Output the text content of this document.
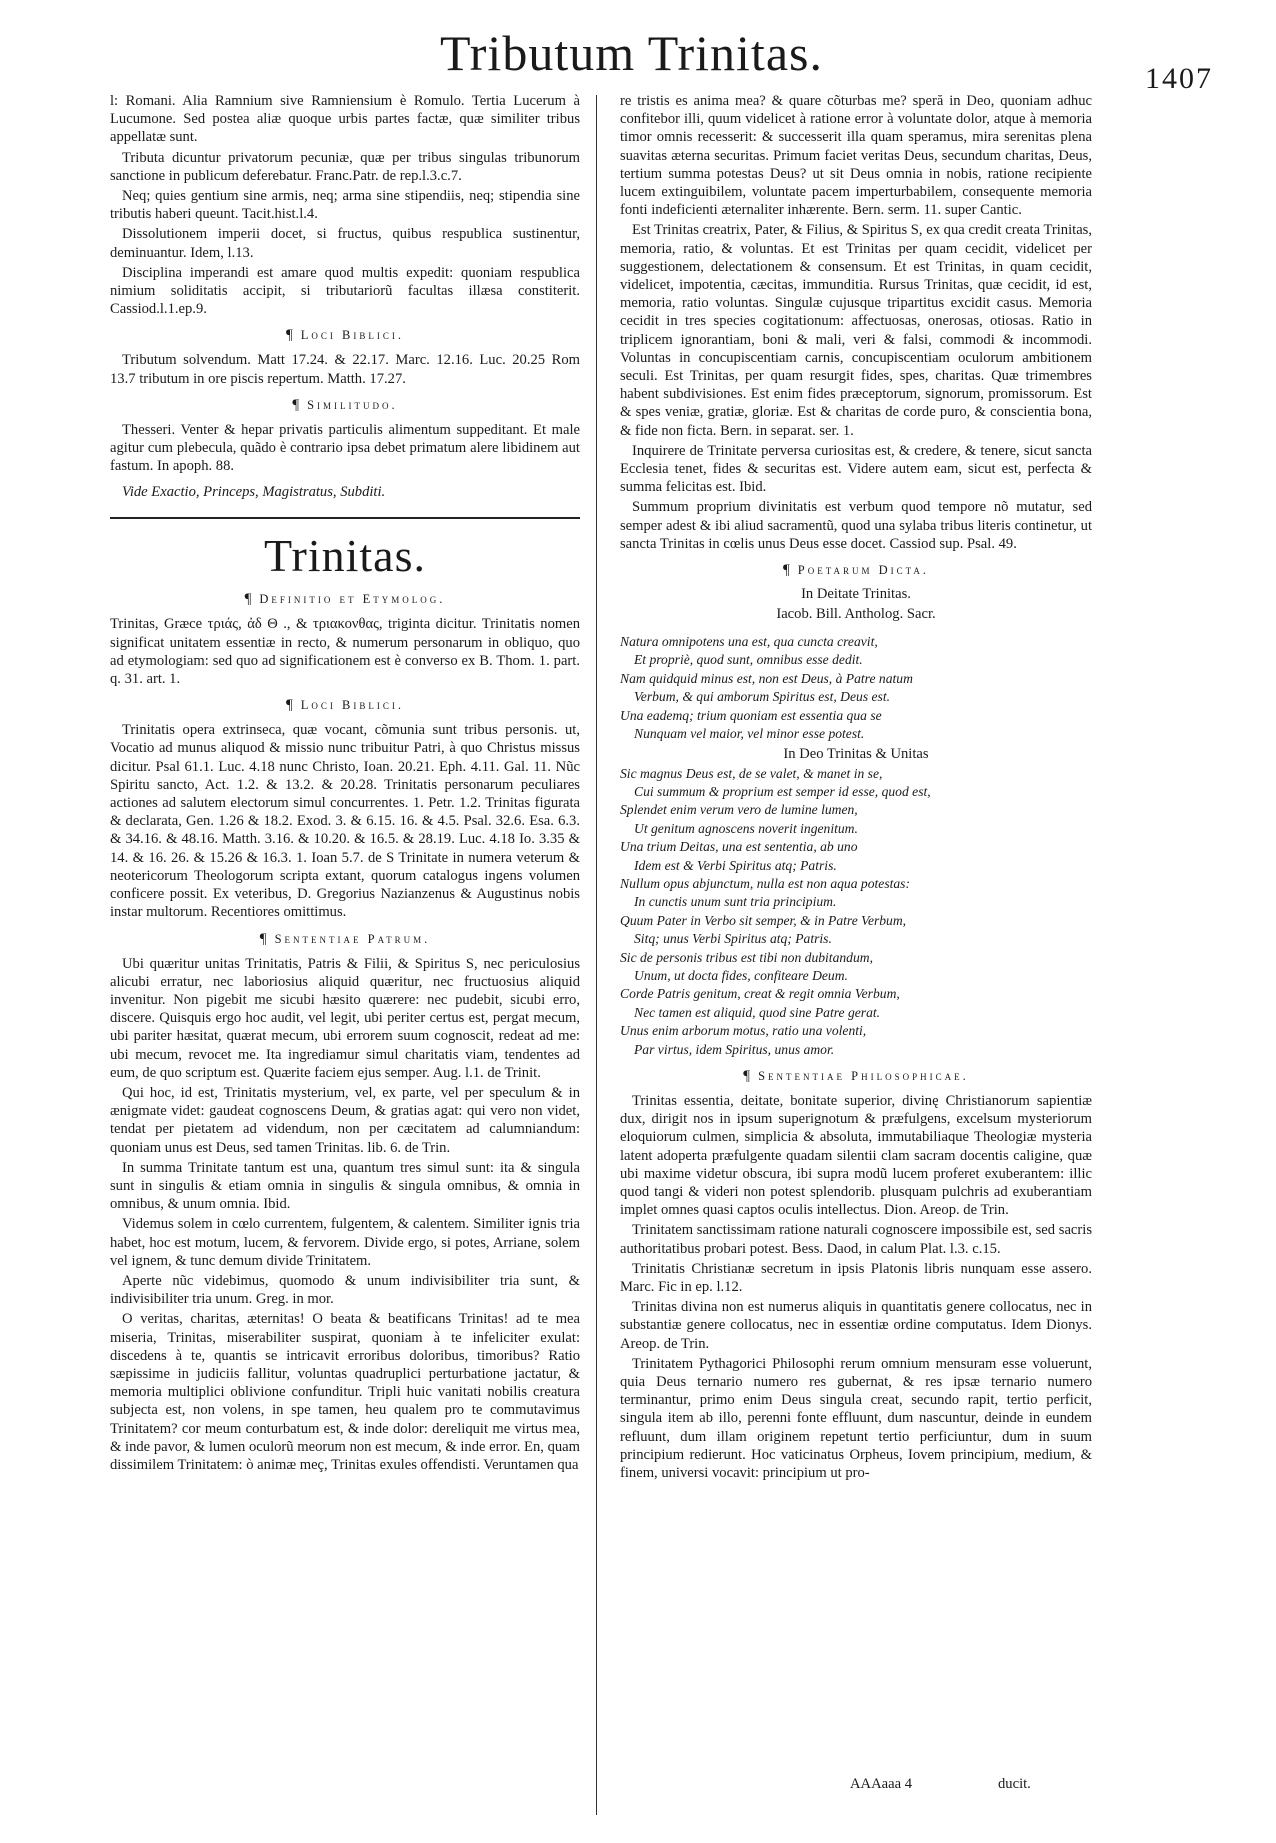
Tributum Trinitas.	1407

l: Romani. Alia Ramnium sive Ramniensium è Romulo. Tertia Lucerum à Lucumone. Sed postea aliæ quoque urbis partes factæ, quæ similiter tribus appellatæ sunt.

Tributa dicuntur privatorum pecuniæ, quæ per tribus singulas tribunorum sanctione in publicum deferebatur. Franc.Patr. de rep.l.3.c.7.

Neq; quies gentium sine armis, neq; arma sine stipendiis, neq; stipendia sine tributis haberi queunt. Tacit.hist.l.4.

Dissolutionem imperii docet, si fructus, quibus respublica sustinentur, deminuantur. Idem, l.13.

Disciplina imperandi est amare quod multis expedit: quoniam respublica nimium soliditatis accipit, si tributariorũ facultas illæsa constiterit. Cassiod.l.1.ep.9.

¶ Loci Biblici.

Tributum solvendum. Matt 17.24. & 22.17. Marc. 12.16. Luc. 20.25 Rom 13.7 tributum in ore piscis repertum. Matth. 17.27.

¶ Similitudo.

Thesseri. Venter & hepar privatis particulis alimentum suppeditant. Et male agitur cum plebecula, quãdo è contrario ipsa debet primatum alere libidinem aut fastum. In apoph. 88.

Vide Exactio, Princeps, Magistratus, Subditi.
Trinitas.
¶ Definitio et Etymolog.

Trinitas, Græce τριάς, ἀδ Θ ., & τριακονθας, triginta dicitur. Trinitatis nomen significat unitatem essentiæ in recto, & numerum personarum in obliquo, quo ad etymologiam: sed quo ad significationem est è converso ex B. Thom. 1. part. q. 31. art. 1.

¶ Loci Biblici.

Trinitatis opera extrinseca, quæ vocant, cõmunia sunt tribus personis. ut, Vocatio ad munus aliquod & missio nunc tribuitur Patri, à quo Christus missus dicitur. Psal 61.1. Luc. 4.18 nunc Christo, Ioan. 20.21. Eph. 4.11. Gal. 11. Nũc Spiritu sancto, Act. 1.2. & 13.2. & 20.28. Trinitatis personarum peculiares actiones ad salutem electorum simul concurrentes. 1. Petr. 1.2. Trinitas figurata & declarata, Gen. 1.26 & 18.2. Exod. 3. & 6.15. 16. & 4.5. Psal. 32.6. Esa. 6.3. & 34.16. & 48.16. Matth. 3.16. & 10.20. & 16.5. & 28.19. Luc. 4.18 Io. 3.35 & 14. & 16. 26. & 15.26 & 16.3. 1. Ioan 5.7. de S Trinitate in numera veterum & neotericorum Theologorum scripta extant, quorum catalogus ingens volumen conficere possit. Ex veteribus, D. Gregorius Nazianzenus & Augustinus nobis instar multorum. Recentiores omittimus.

¶ Sententiae Patrum.

Ubi quæritur unitas Trinitatis, Patris & Filii, & Spiritus S, nec periculosius alicubi erratur, nec laboriosius aliquid quæritur, nec fructuosius aliquid invenitur. Non pigebit me sicubi hæsito quærere: nec pudebit, sicubi erro, discere. Quisquis ergo hoc audit, vel legit, ubi periter certus est, pergat mecum, ubi pariter hæsitat, quærat mecum, ubi errorem suum cognoscit, redeat ad me: ubi mecum, revocet me. Ita ingrediamur simul charitatis viam, tendentes ad eum, de quo scriptum est. Quærite faciem ejus semper. Aug. l.1. de Trinit.

Qui hoc, id est, Trinitatis mysterium, vel, ex parte, vel per speculum & in ænigmate videt: gaudeat cognoscens Deum, & gratias agat: qui vero non videt, tendat per pietatem ad videndum, non per cæcitatem ad calumniandum: quoniam unus est Deus, sed tamen Trinitas. lib. 6. de Trin.

In summa Trinitate tantum est una, quantum tres simul sunt: ita & singula sunt in singulis & etiam omnia in singulis & singula omnibus, & omnia in omnibus, & unum omnia. Ibid.

Videmus solem in cœlo currentem, fulgentem, & calentem. Similiter ignis tria habet, hoc est motum, lucem, & fervorem. Divide ergo, si potes, Arriane, solem vel ignem, & tunc demum divide Trinitatem.

Aperte nũc videbimus, quomodo & unum indivisibiliter tria sunt, & indivisibiliter tria unum. Greg. in mor.

O veritas, charitas, æternitas! O beata & beatificans Trinitas! ad te mea miseria, Trinitas, miserabiliter suspirat, quoniam à te infeliciter exulat: discedens à te, quantis se intricavit erroribus doloribus, timoribus? Ratio sæpissime in judiciis fallitur, voluntas quadruplici perturbatione jactatur, & memoria multiplici oblivione confunditur. Tripli huic vanitati nobilis creatura subjecta est, non volens, in spe tamen, heu qualem pro te commutavimus Trinitatem? cor meum conturbatum est, & inde dolor: dereliquit me virtus mea, & inde pavor, & lumen oculorũ meorum non est mecum, & inde error. En, quam dissimilem Trinitatem: ò animæ meç, Trinitas exules offendisti. Veruntamen qua

re tristis es anima mea? & quare cõturbas me? speră in Deo, quoniam adhuc confitebor illi, quum videlicet à ratione error à voluntate dolor, atque à memoria timor omnis recesserit: & successerit illa quam speramus, mira serenitas plena suavitas æterna securitas. Primum faciet veritas Deus, secundum charitas, Deus, tertium summa potestas Deus? ut sit Deus omnia in nobis, ratione recipiente lucem extinguibilem, voluntate pacem imperturbabilem, consequente memoria fonti indeficienti æternaliter inhærente. Bern. serm. 11. super Cantic.

Est Trinitas creatrix, Pater, & Filius, & Spiritus S, ex qua credit creata Trinitas, memoria, ratio, & voluntas. Et est Trinitas per quam cecidit, videlicet per suggestionem, delectationem & consensum. Et est Trinitas, in quam cecidit, videlicet, impotentia, cæcitas, immunditia. Rursus Trinitas, quæ cecidit, id est, memoria, ratio voluntas. Singulæ cujusque tripartitus excidit casus. Memoria cecidit in tres species cogitationum: affectuosas, onerosas, otiosas. Ratio in triplicem ignorantiam, boni & mali, veri & falsi, commodi & incommodi. Voluntas in concupiscentiam carnis, concupiscentiam oculorum ambitionem seculi. Est Trinitas, per quam resurgit fides, spes, charitas. Quæ trimembres habent subdivisiones. Est enim fides præceptorum, signorum, promissorum. Est & spes veniæ, gratiæ, gloriæ. Est & charitas de corde puro, & conscientia bona, & fide non ficta. Bern. in separat. ser. 1.

Inquirere de Trinitate perversa curiositas est, & credere, & tenere, sicut sancta Ecclesia tenet, fides & securitas est. Videre autem eam, sicut est, perfecta & summa felicitas est. Ibid.

Summum proprium divinitatis est verbum quod tempore nõ mutatur, sed semper adest & ibi aliud sacramentũ, quod una sylaba tribus literis continetur, ut sancta Trinitas in cœlis unus Deus esse docet. Cassiod sup. Psal. 49.

¶ Poetarum Dicta.
In Deitate Trinitas.
Iacob. Bill. Antholog. Sacr.
Natura omnipotens una est, qua cuncta creavit,
Et propriè, quod sunt, omnibus esse dedit.
Nam quidquid minus est, non est Deus, à Patre natum
Verbum, & qui amborum Spiritus est, Deus est.
Una eademq; trium quoniam est essentia qua se
Nunquam vel maior, vel minor esse potest.
In Deo Trinitas & Unitas
Sic magnus Deus est, de se valet, & manet in se,
Cui summum & proprium est semper id esse, quod est,
Splendet enim verum vero de lumine lumen,
Ut genitum agnoscens noverit ingenitum.
Una trium Deitas, una est sententia, ab uno
Idem est & Verbi Spiritus atq; Patris.
Nullum opus abjunctum, nulla est non aqua potestas:
In cunctis unum sunt tria principium.
Quum Pater in Verbo sit semper, & in Patre Verbum,
Sitq; unus Verbi Spiritus atq; Patris.
Sic de personis tribus est tibi non dubitandum,
Unum, ut docta fides, confiteare Deum.
Corde Patris genitum, creat & regit omnia Verbum,
Nec tamen est aliquid, quod sine Patre gerat.
Unus enim arborum motus, ratio una volenti,
Par virtus, idem Spiritus, unus amor.
¶ Sententiae Philosophicae.

Trinitas essentia, deitate, bonitate superior, divinę Christianorum sapientiæ dux, dirigit nos in ipsum superignotum & præfulgens, excelsum mysteriorum eloquiorum culmen, simplicia & absoluta, immutabiliaque Theologiæ mysteria latent adoperta præfulgente quadam silentii clam sacram docentis caligine, quæ ubi maxime videtur obscura, ibi supra modũ lucem proferet exuberantem: illic quod tangi & videri non potest splendorib. plusquam pulchris ad exuberantiam implet omnes quasi captos oculis intellectus. Dion. Areop. de Trin.

Trinitatem sanctissimam ratione naturali cognoscere impossibile est, sed sacris authoritatibus probari potest. Bess. Daod, in calum Plat. l.3. c.15.

Trinitatis Christianæ secretum in ipsis Platonis libris nunquam esse assero. Marc. Fic in ep. l.12.

Trinitas divina non est numerus aliquis in quantitatis genere collocatus, nec in substantiæ genere collocatus, nec in essentiæ ordine computatus. Idem Dionys. Areop. de Trin.

Trinitatem Pythagorici Philosophi rerum omnium mensuram esse voluerunt, quia Deus ternario numero res gubernat, & res ipsæ ternario numero terminantur, primo enim Deus singula creat, secundo rapit, tertio perficit, singula item ab illo, perenni fonte effluunt, dum nascuntur, deinde in eundem refluunt, dum illam originem repetunt tertio perficiuntur, dum in suum principium redierunt. Hoc vaticinatus Orpheus, Iovem principium, medium, & finem, universi vocavit: principium ut pro-

AAAaaa 4	ducit.
